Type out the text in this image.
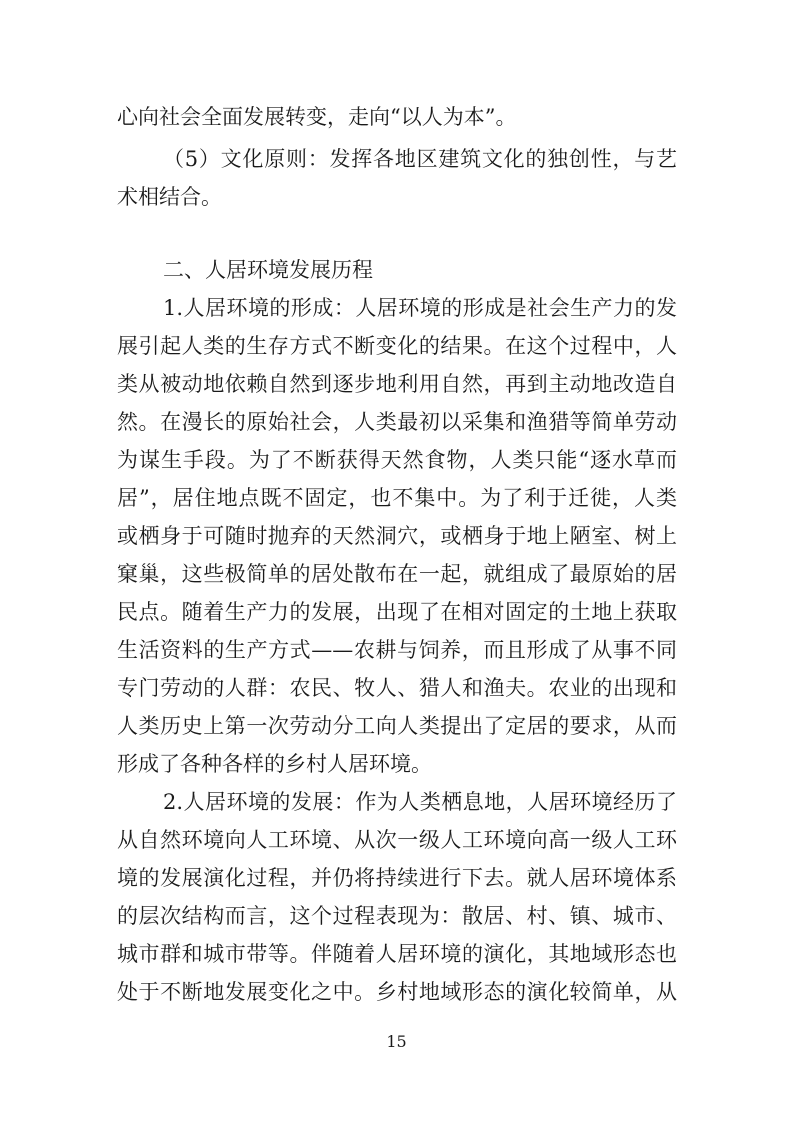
心向社会全面发展转变，走向“以人为本”。
（5）文化原则：发挥各地区建筑文化的独创性，与艺
术相结合。
二、人居环境发展历程
1.人居环境的形成：人居环境的形成是社会生产力的发
展引起人类的生存方式不断变化的结果。在这个过程中，人
类从被动地依赖自然到逐步地利用自然，再到主动地改造自
然。在漫长的原始社会，人类最初以采集和渔猎等简单劳动
为谋生手段。为了不断获得天然食物，人类只能“逐水草而
居”，居住地点既不固定，也不集中。为了利于迁徙，人类
或栖身于可随时抛弃的天然洞穴，或栖身于地上陋室、树上
窠巢，这些极简单的居处散布在一起，就组成了最原始的居
民点。随着生产力的发展，出现了在相对固定的土地上获取
生活资料的生产方式——农耕与饲养，而且形成了从事不同
专门劳动的人群：农民、牧人、猎人和渔夫。农业的出现和
人类历史上第一次劳动分工向人类提出了定居的要求，从而
形成了各种各样的乡村人居环境。
2.人居环境的发展：作为人类栖息地，人居环境经历了
从自然环境向人工环境、从次一级人工环境向高一级人工环
境的发展演化过程，并仍将持续进行下去。就人居环境体系
的层次结构而言，这个过程表现为：散居、村、镇、城市、
城市群和城市带等。伴随着人居环境的演化，其地域形态也
处于不断地发展变化之中。乡村地域形态的演化较简单，从
15
